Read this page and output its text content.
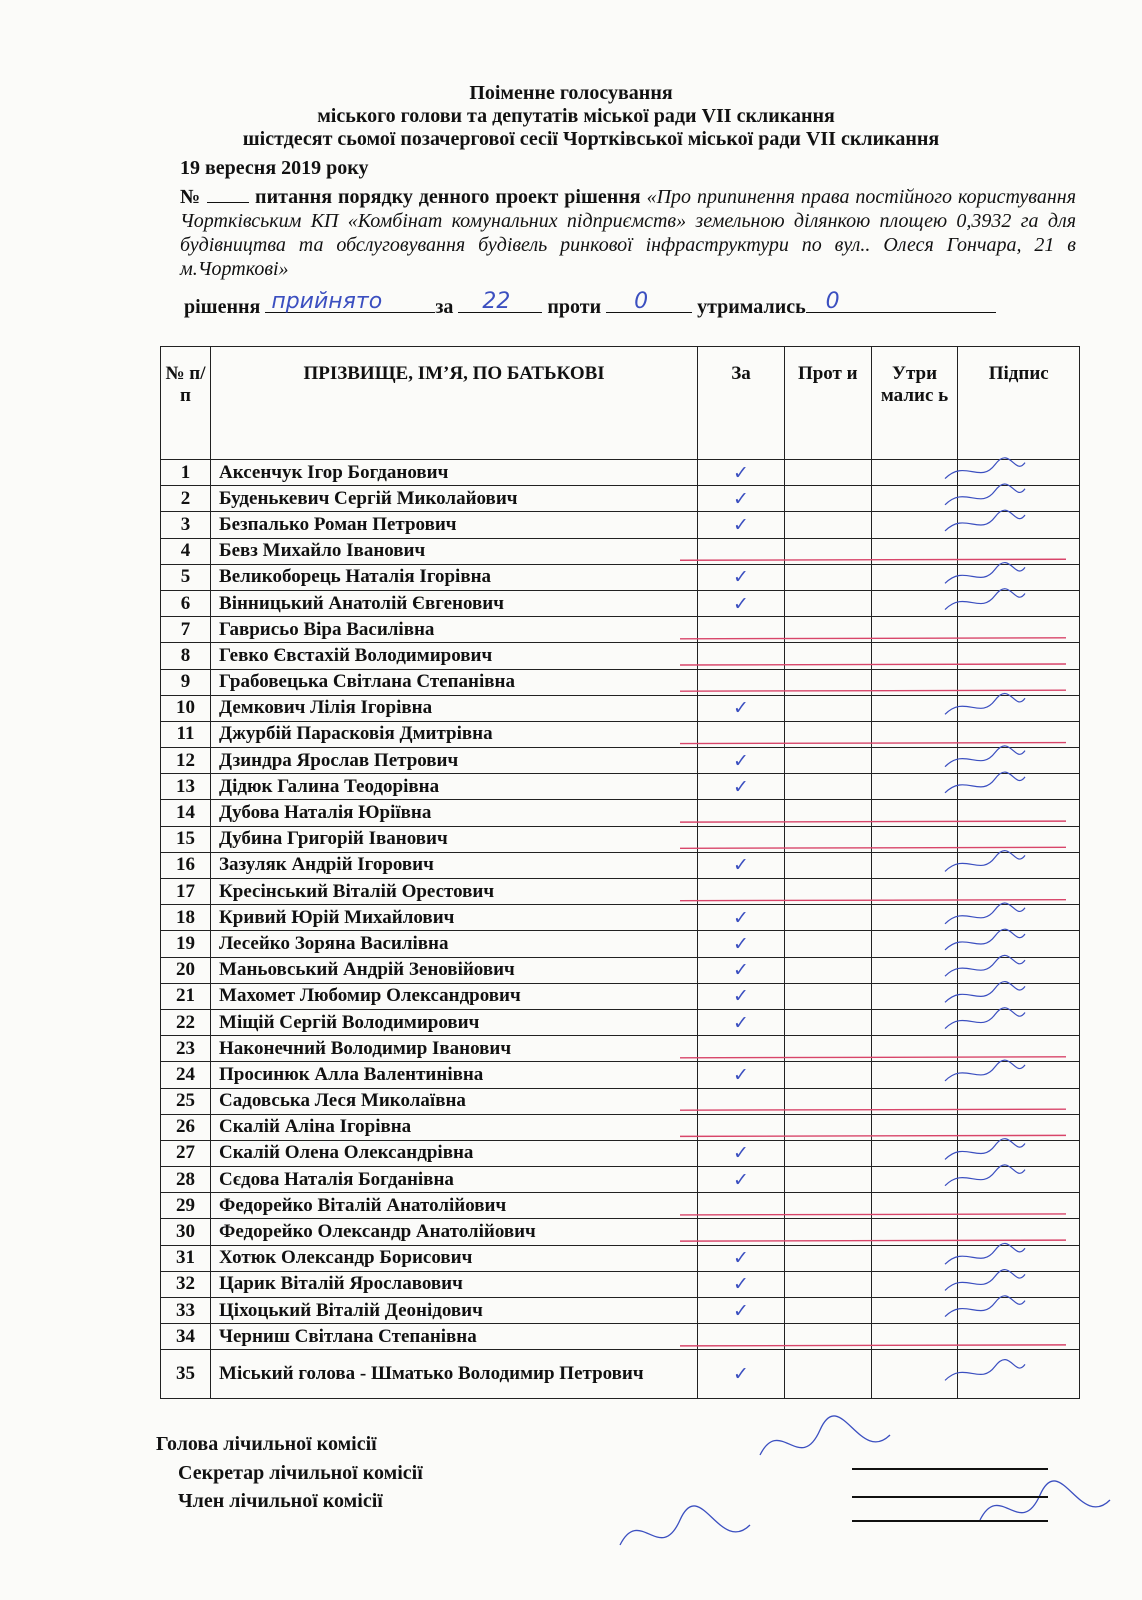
Поіменне голосування
міського голови та депутатів міської ради VІІ скликання
шістдесят сьомої позачергової сесії Чортківської міської ради VІІ скликання
19 вересня 2019 року
№	питання порядку денного проект рішення «Про припинення права постійного користування Чортківським КП «Комбінат комунальних підприємств» земельною ділянкою площею 0,3932 га для будівництва та обслуговування будівель ринкової інфраструктури по вул.. Олеся Гончара, 21 в м.Чорткові»
рішення прийнято	за 22 проти 0 утримались 0
№ п/п	ПРІЗВИЩЕ, ІМ’Я, ПО БАТЬКОВІ	За	Прот и	Утри малис ь	Підпис
1	Аксенчук Ігор Богданович	✓			
2	Буденькевич Сергій Миколайович	✓			
3	Безпалько Роман Петрович	✓			
4	Бевз Михайло Іванович				
5	Великоборець Наталія Ігорівна	✓			
6	Вінницький Анатолій Євгенович	✓			
7	Гаврисьо Віра Василівна				
8	Гевко Євстахій Володимирович				
9	Грабовецька Світлана Степанівна				
10	Демкович Лілія Ігорівна	✓			
11	Джурбій Парасковія Дмитрівна				
12	Дзиндра Ярослав Петрович	✓			
13	Дідюк Галина Теодорівна	✓			
14	Дубова Наталія Юріївна				
15	Дубина Григорій Іванович				
16	Зазуляк Андрій Ігорович	✓			
17	Кресінський Віталій Орестович				
18	Кривий Юрій Михайлович	✓			
19	Лесейко Зоряна Василівна	✓			
20	Маньовський Андрій Зеновійович	✓			
21	Махомет Любомир Олександрович	✓			
22	Міщій Сергій Володимирович	✓			
23	Наконечний Володимир Іванович				
24	Просинюк Алла Валентинівна	✓			
25	Садовська Леся Миколаївна				
26	Скалій Аліна Ігорівна				
27	Скалій Олена Олександрівна	✓			
28	Сєдова Наталія Богданівна	✓			
29	Федорейко Віталій Анатолійович				
30	Федорейко Олександр Анатолійович				
31	Хотюк Олександр Борисович	✓			
32	Царик Віталій Ярославович	✓			
33	Ціхоцький Віталій Деонідович	✓			
34	Черниш Світлана Степанівна				
35	Міський голова - Шматько Володимир Петрович	✓			
Голова лічильної комісії
Секретар лічильної комісії
Член лічильної комісії
